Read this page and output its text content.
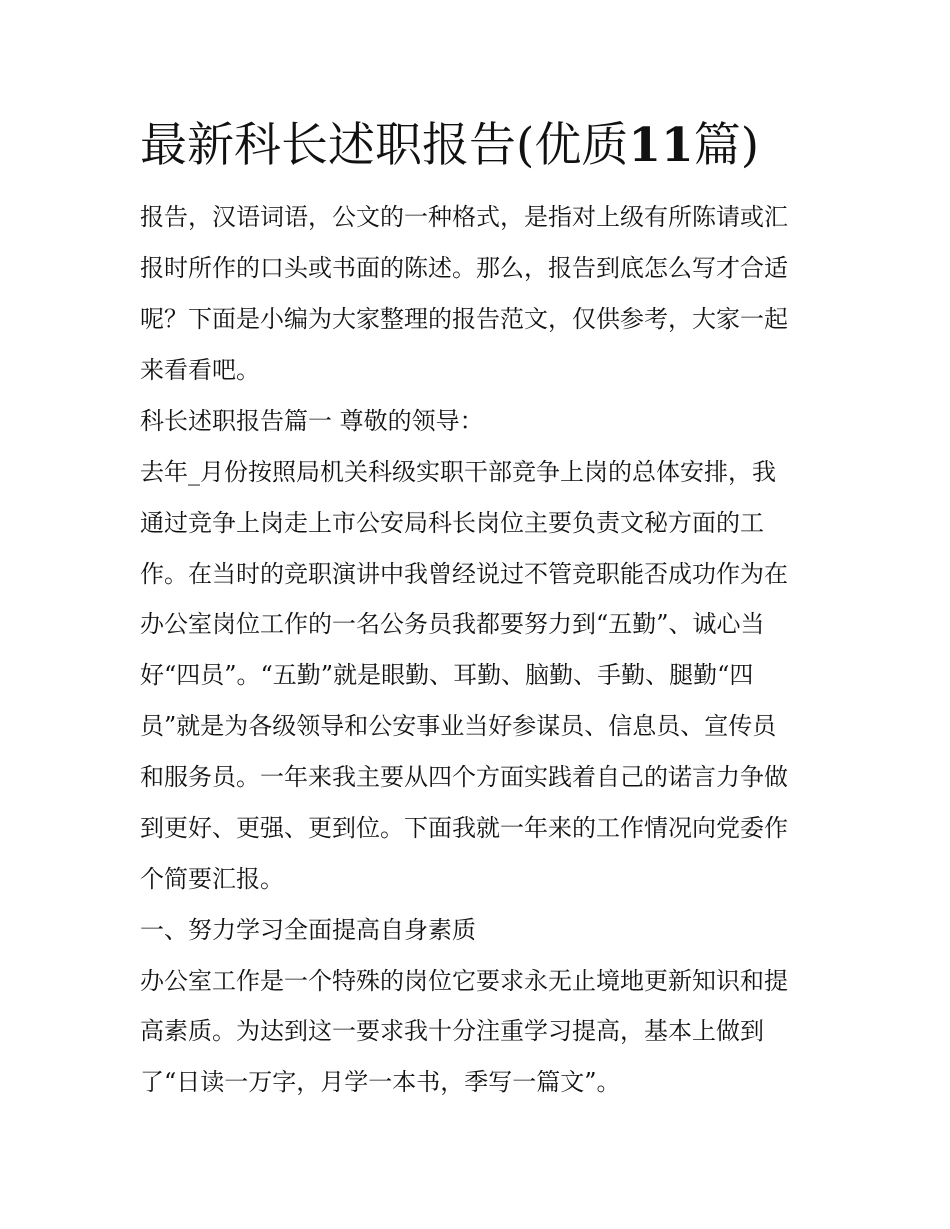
最新科长述职报告(优质11篇)

报告，汉语词语，公文的一种格式，是指对上级有所陈请或汇

报时所作的口头或书面的陈述。那么，报告到底怎么写才合适

呢？下面是小编为大家整理的报告范文，仅供参考，大家一起

来看看吧。

科长述职报告篇一 尊敬的领导：

去年_月份按照局机关科级实职干部竞争上岗的总体安排，我

通过竞争上岗走上市公安局科长岗位主要负责文秘方面的工

作。在当时的竞职演讲中我曾经说过不管竞职能否成功作为在

办公室岗位工作的一名公务员我都要努力到“五勤”、诚心当

好“四员”。“五勤”就是眼勤、耳勤、脑勤、手勤、腿勤“四

员”就是为各级领导和公安事业当好参谋员、信息员、宣传员

和服务员。一年来我主要从四个方面实践着自己的诺言力争做

到更好、更强、更到位。下面我就一年来的工作情况向党委作

个简要汇报。

一、努力学习全面提高自身素质

办公室工作是一个特殊的岗位它要求永无止境地更新知识和提

高素质。为达到这一要求我十分注重学习提高，基本上做到

了“日读一万字，月学一本书，季写一篇文”。
